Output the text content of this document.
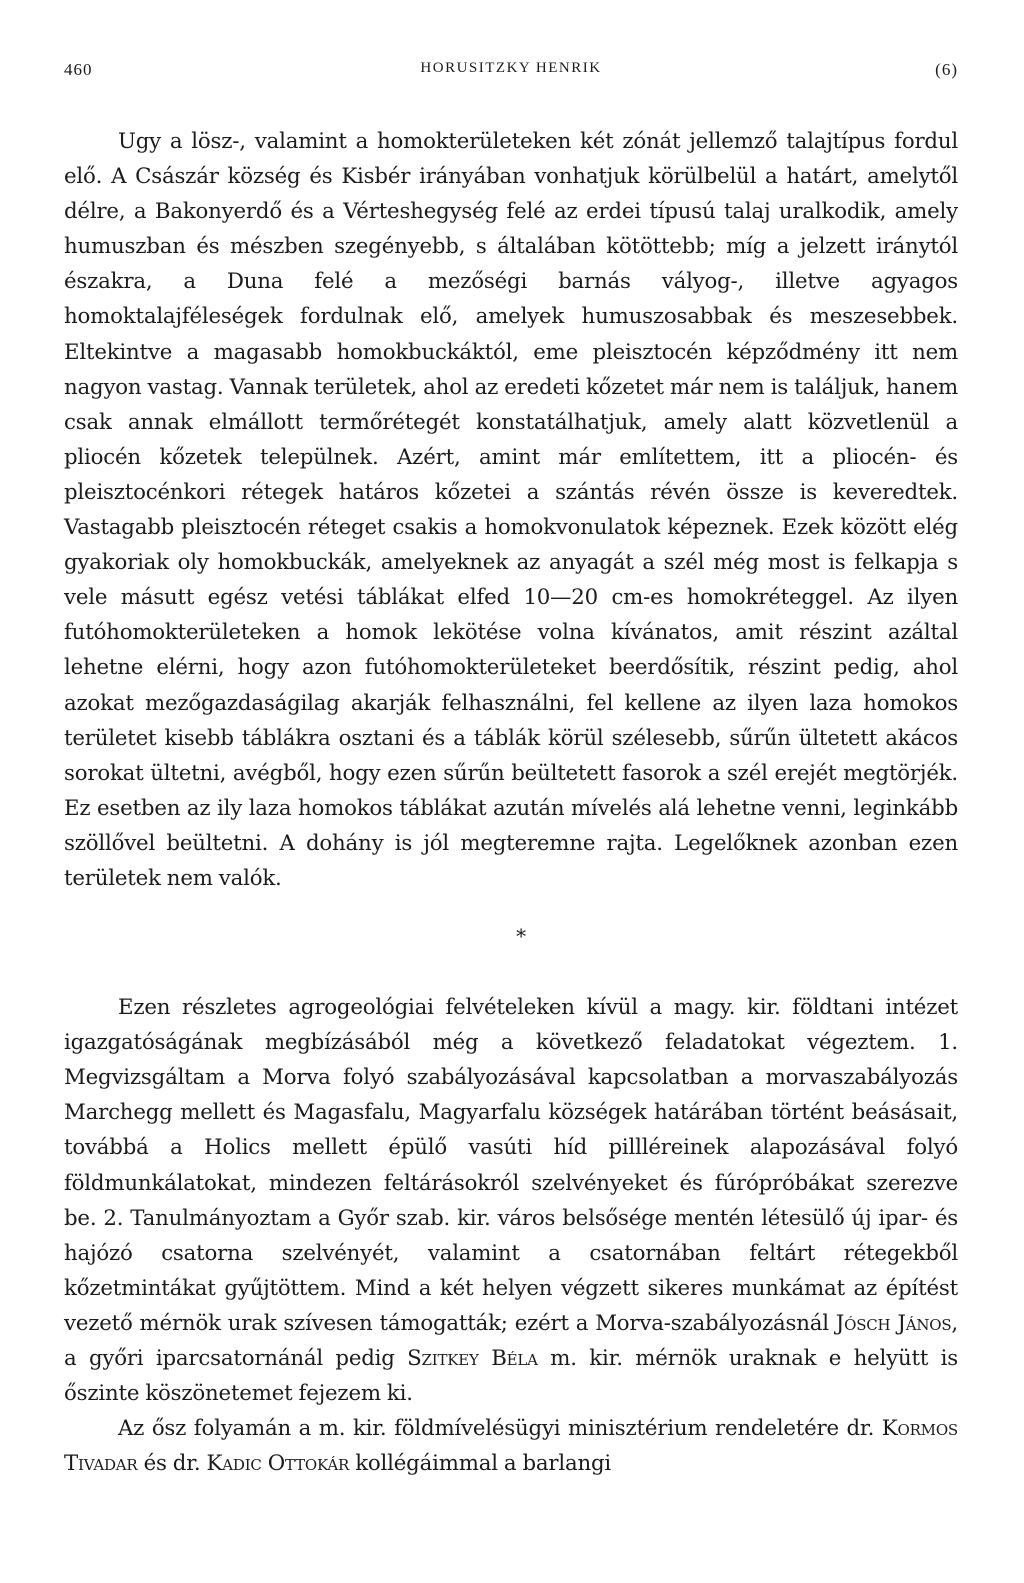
460	HORUSITZKY HENRIK	(6)

Ugy a lösz-, valamint a homokterületeken két zónát jellemző talajtípus fordul elő. A Császár község és Kisbér irányában vonhatjuk körülbelül a határt, amelytől délre, a Bakonyerdő és a Vérteshegység felé az erdei típusú talaj uralkodik, amely humuszban és mészben szegényebb, s általában kötöttebb; míg a jelzett iránytól északra, a Duna felé a mezőségi barnás vályog-, illetve agyagos homoktalajféleségek fordulnak elő, amelyek humuszosabbak és meszesebbek. Eltekintve a magasabb homokbuckáktól, eme pleisztocén képződmény itt nem nagyon vastag. Vannak területek, ahol az eredeti kőzetet már nem is találjuk, hanem csak annak elmállott termőrétegét konstatálhatjuk, amely alatt közvetlenül a pliocén kőzetek települnek. Azért, amint már említettem, itt a pliocén- és pleisztocénkori rétegek határos kőzetei a szántás révén össze is keveredtek. Vastagabb pleisztocén réteget csakis a homokvonulatok képeznek. Ezek között elég gyakoriak oly homokbuckák, amelyeknek az anyagát a szél még most is felkapja s vele másutt egész vetési táblákat elfed 10—20 cm-es homokréteggel. Az ilyen futóhomokterületeken a homok lekötése volna kívánatos, amit részint azáltal lehetne elérni, hogy azon futóhomokterületeket beerdősítik, részint pedig, ahol azokat mezőgazdaságilag akarják felhasználni, fel kellene az ilyen laza homokos területet kisebb táblákra osztani és a táblák körül szélesebb, sűrűn ültetett akácos sorokat ültetni, avégből, hogy ezen sűrűn beültetett fasorok a szél erejét megtörjék. Ez esetben az ily laza homokos táblákat azután mívelés alá lehetne venni, leginkább szöllővel beültetni. A dohány is jól megteremne rajta. Legelőknek azonban ezen területek nem valók.

*

Ezen részletes agrogeológiai felvételeken kívül a magy. kir. földtani intézet igazgatóságának megbízásából még a következő feladatokat végeztem. 1. Megvizsgáltam a Morva folyó szabályozásával kapcsolatban a morvaszabályozás Marchegg mellett és Magasfalu, Magyarfalu községek határában történt beásásait, továbbá a Holics mellett épülő vasúti híd pillléreinek alapozásával folyó földmunkálatokat, mindezen feltárásokról szelvényeket és fúrópróbákat szerezve be. 2. Tanulmányoztam a Győr szab. kir. város belsősége mentén létesülő új ipar- és hajózó csatorna szelvényét, valamint a csatornában feltárt rétegekből kőzetmintákat gyűjtöttem. Mind a két helyen végzett sikeres munkámat az építést vezető mérnök urak szívesen támogatták; ezért a Morva-szabályozásnál Jósch János, a győri iparcsatornánál pedig Szitkey Béla m. kir. mérnök uraknak e helyütt is őszinte köszönetemet fejezem ki.

Az ősz folyamán a m. kir. földmívelésügyi minisztérium rendeletére dr. Kormos Tivadar és dr. Kadic Ottokár kollégáimmal a barlangi
